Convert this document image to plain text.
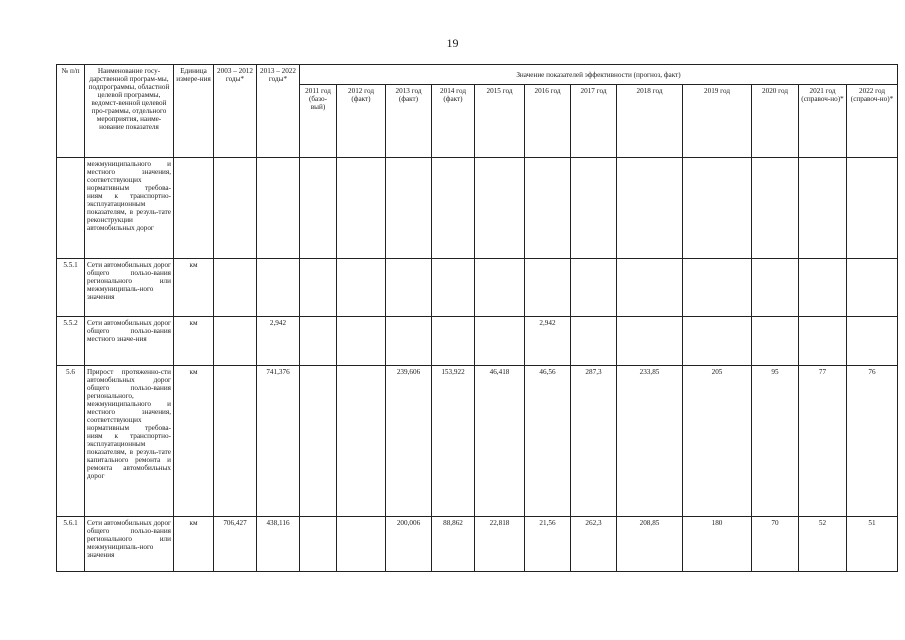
19
№ п/п	Наименование госу-дарственной програм-мы, подпрограммы, областной целевой программы, ведомст-венной целевой про-граммы, отдельного мероприятия, наиме-нование показателя	Единица измере-ния	2003 – 2012 годы*	2013 – 2022 годы*	Значение показателей эффективности (прогноз, факт)											
					2011 год (базо-вый)	2012 год (факт)	2013 год (факт)	2014 год (факт)	2015 год	2016 год	2017 год	2018 год	2019 год	2020 год	2021 год (справоч-но)*	2022 год (справоч-но)*
	межмуниципального и местного значения, соответствующих нормативным требова-ниям к транспортно-эксплуатационным показателям, в резуль-тате реконструкции автомобильных дорог															
5.5.1	Сети автомобильных дорог общего пользо-вания регионального или межмуниципаль-ного значения	км														
5.5.2	Сети автомобильных дорог общего пользо-вания местного значе-ния	км		2,942						2,942						
5.6	Прирост протяженно-сти автомобильных дорог общего пользо-вания регионального, межмуниципального и местного значения, соответствующих нормативным требова-ниям к транспортно-эксплуатационным показателям, в резуль-тате капитального ремонта и ремонта автомобильных дорог	км		741,376			239,606	153,922	46,418	46,56	287,3	233,85	205	95	77	76
5.6.1	Сети автомобильных дорог общего пользо-вания регионального или межмуниципаль-ного значения	км	706,427	438,116			200,006	88,862	22,818	21,56	262,3	208,85	180	70	52	51
